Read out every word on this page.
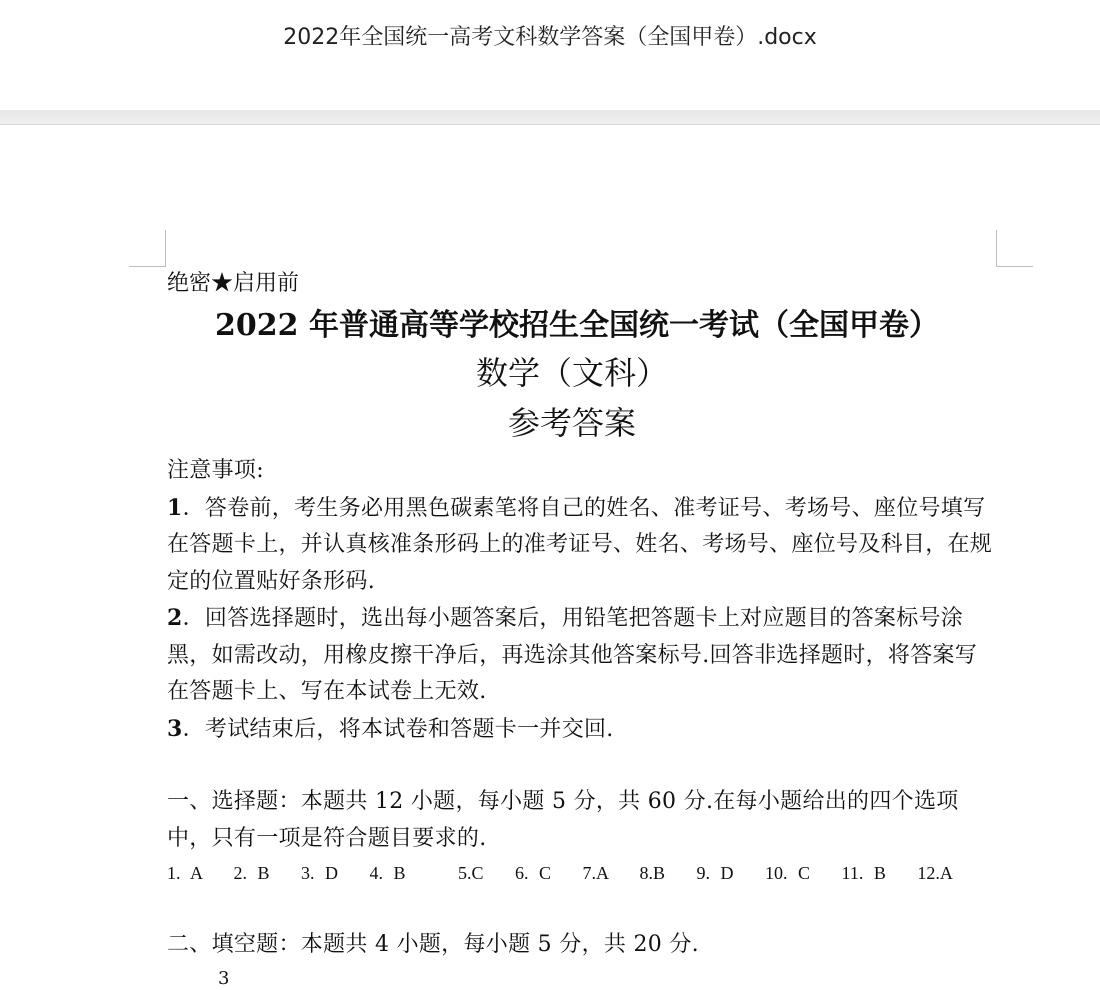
2022年全国统一高考文科数学答案（全国甲卷）.docx
绝密★启用前
2022 年普通高等学校招生全国统一考试（全国甲卷）
数学（文科）
参考答案
注意事项:
1．答卷前，考生务必用黑色碳素笔将自己的姓名、准考证号、考场号、座位号填写在答题卡上，并认真核准条形码上的准考证号、姓名、考场号、座位号及科目，在规定的位置贴好条形码.
2．回答选择题时，选出每小题答案后，用铅笔把答题卡上对应题目的答案标号涂黑，如需改动，用橡皮擦干净后，再选涂其他答案标号.回答非选择题时，将答案写在答题卡上、写在本试卷上无效.
3．考试结束后，将本试卷和答题卡一并交回.
一、选择题：本题共 12 小题，每小题 5 分，共 60 分.在每小题给出的四个选项中，只有一项是符合题目要求的.
1. A   2. B   3. D   4. B     5.C   6. C   7.A   8.B   9. D   10. C   11. B   12.A
二、填空题：本题共 4 小题，每小题 5 分，共 20 分.
3
